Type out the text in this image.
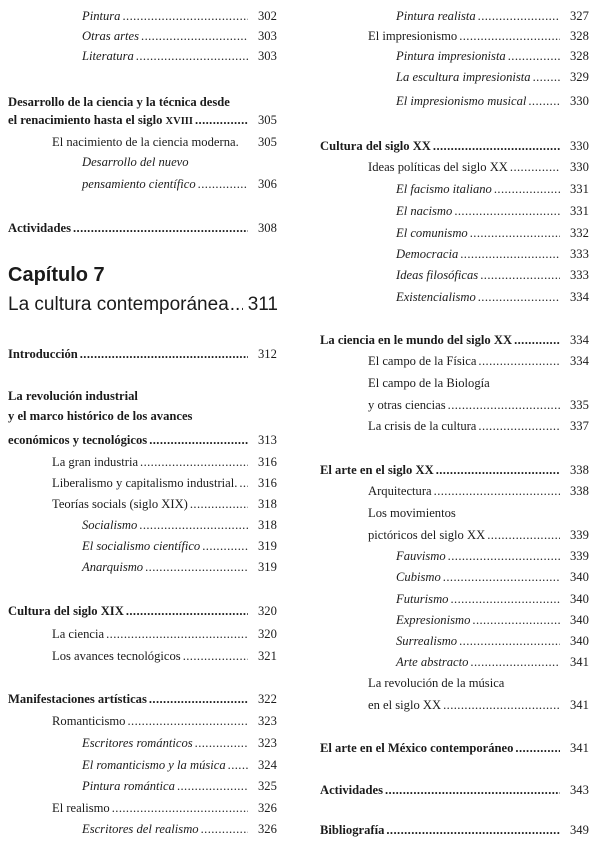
Pintura .....	302
Otras artes .....	303
Literatura .....	303
Desarrollo de la ciencia y la técnica desde
el renacimiento hasta el siglo XVIII .....	305
El nacimiento de la ciencia moderna. 305
Desarrollo del nuevo
pensamiento científico .....	306
Actividades .....	308
Capítulo 7
La cultura contemporánea ..... 311
Introducción .....	312
La revolución industrial
y el marco histórico de los avances
económicos y tecnológicos .....	313
La gran industria .....	316
Liberalismo y capitalismo industrial. ..... 316
Teorías socials (siglo XIX) .....	318
Socialismo .....	318
El socialismo científico .....	319
Anarquismo .....	319
Cultura del siglo XIX .....	320
La ciencia .....	320
Los avances tecnológicos .....	321
Manifestaciones artísticas .....	322
Romanticismo .....	323
Escritores románticos .....	323
El romanticismo y la música .....	324
Pintura romántica .....	325
El realismo .....	326
Escritores del realismo .....	326
Pintura realista .....	327
El impresionismo .....	328
Pintura impresionista .....	328
La escultura impresionista .....	329
El impresionismo musical .....	330
Cultura del siglo XX .....	330
Ideas políticas del siglo XX .....	330
El facismo italiano .....	331
El nacismo .....	331
El comunismo .....	332
Democracia .....	333
Ideas filosóficas .....	333
Existencialismo .....	334
La ciencia en le mundo del siglo XX .....	334
El campo de la Física .....	334
El campo de la Biología
y otras ciencias .....	335
La crisis de la cultura .....	337
El arte en el siglo XX .....	338
Arquitectura .....	338
Los movimientos
pictóricos del siglo XX .....	339
Fauvismo .....	339
Cubismo .....	340
Futurismo .....	340
Expresionismo .....	340
Surrealismo .....	340
Arte abstracto .....	341
La revolución de la música
en el siglo XX .....	341
El arte en el México contemporáneo .....	341
Actividades .....	343
Bibliografía .....	349
